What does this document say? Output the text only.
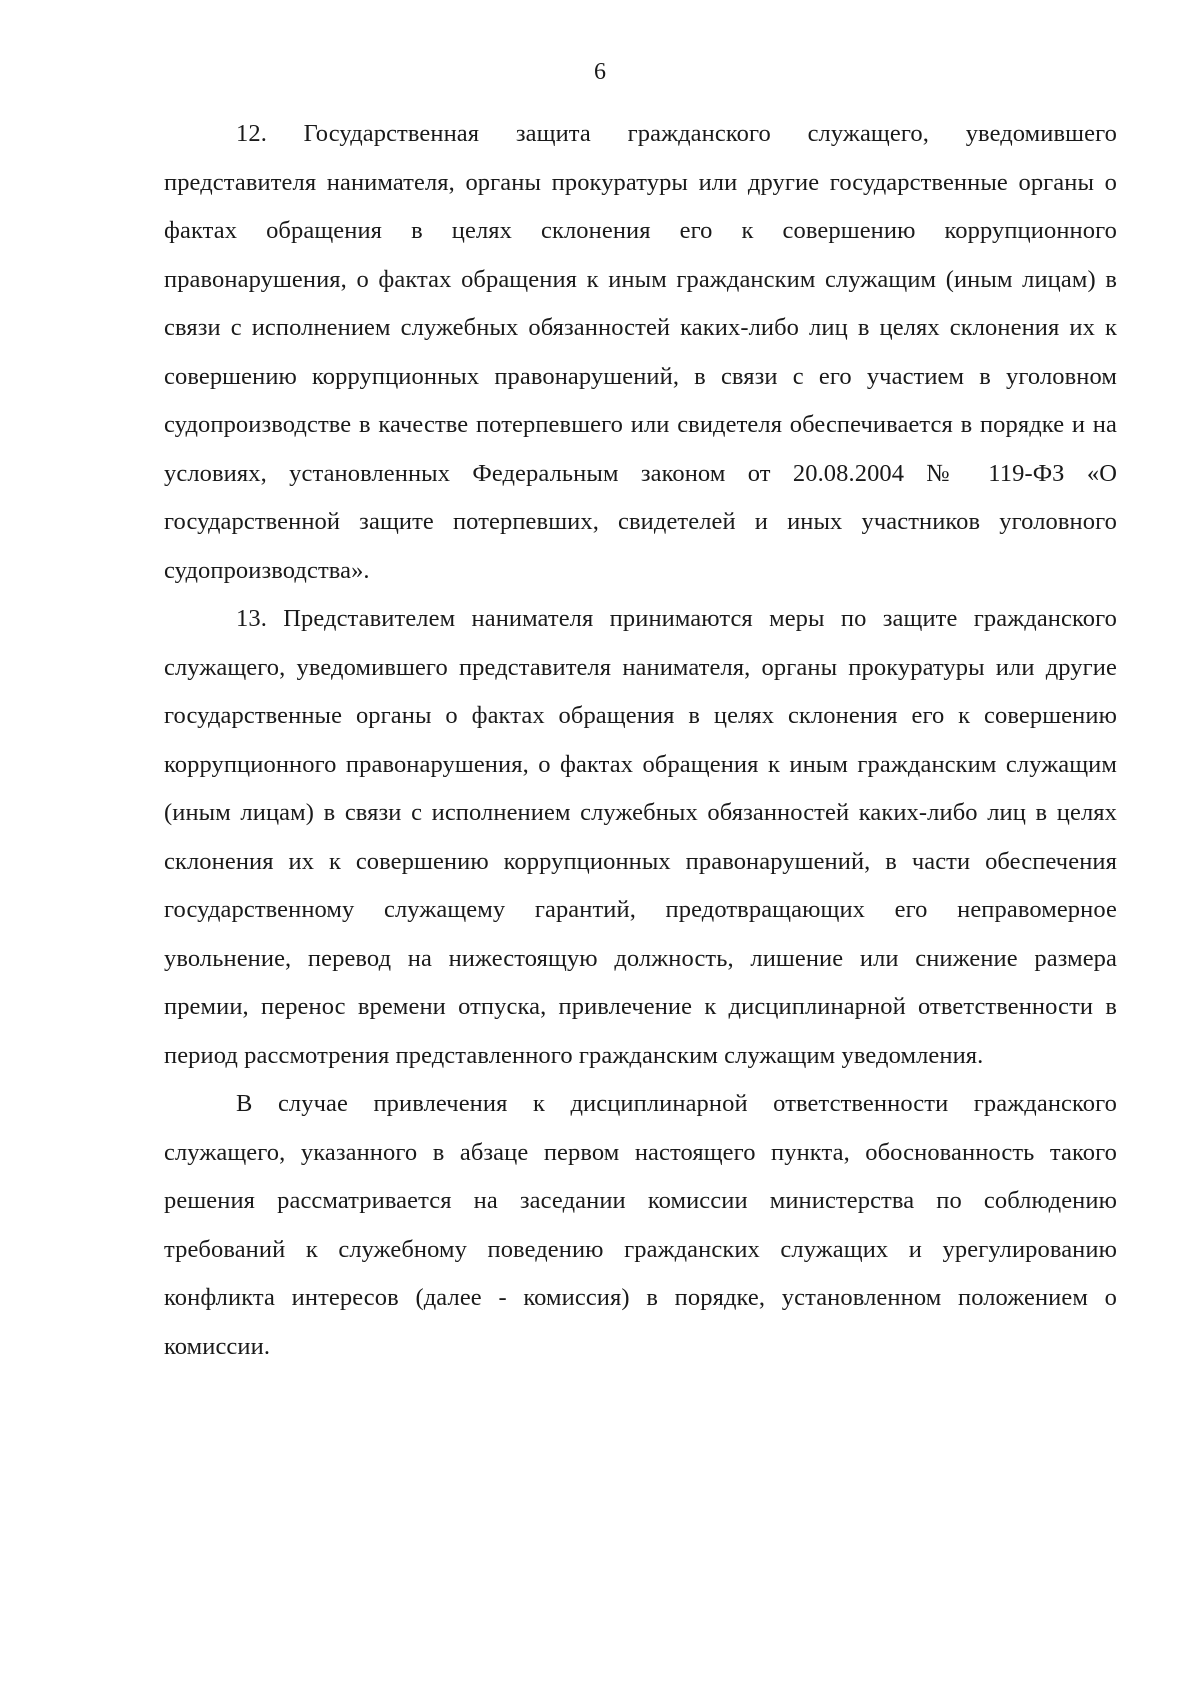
6

12. Государственная защита гражданского служащего, уведомившего представителя нанимателя, органы прокуратуры или другие государственные органы о фактах обращения в целях склонения его к совершению коррупционного правонарушения, о фактах обращения к иным гражданским служащим (иным лицам) в связи с исполнением служебных обязанностей каких-либо лиц в целях склонения их к совершению коррупционных правонарушений, в связи с его участием в уголовном судопроизводстве в качестве потерпевшего или свидетеля обеспечивается в порядке и на условиях, установленных Федеральным законом от 20.08.2004 № 119-ФЗ «О государственной защите потерпевших, свидетелей и иных участников уголовного судопроизводства».

13. Представителем нанимателя принимаются меры по защите гражданского служащего, уведомившего представителя нанимателя, органы прокуратуры или другие государственные органы о фактах обращения в целях склонения его к совершению коррупционного правонарушения, о фактах обращения к иным гражданским служащим (иным лицам) в связи с исполнением служебных обязанностей каких-либо лиц в целях склонения их к совершению коррупционных правонарушений, в части обеспечения государственному служащему гарантий, предотвращающих его неправомерное увольнение, перевод на нижестоящую должность, лишение или снижение размера премии, перенос времени отпуска, привлечение к дисциплинарной ответственности в период рассмотрения представленного гражданским служащим уведомления.

В случае привлечения к дисциплинарной ответственности гражданского служащего, указанного в абзаце первом настоящего пункта, обоснованность такого решения рассматривается на заседании комиссии министерства по соблюдению требований к служебному поведению гражданских служащих и урегулированию конфликта интересов (далее - комиссия) в порядке, установленном положением о комиссии.
